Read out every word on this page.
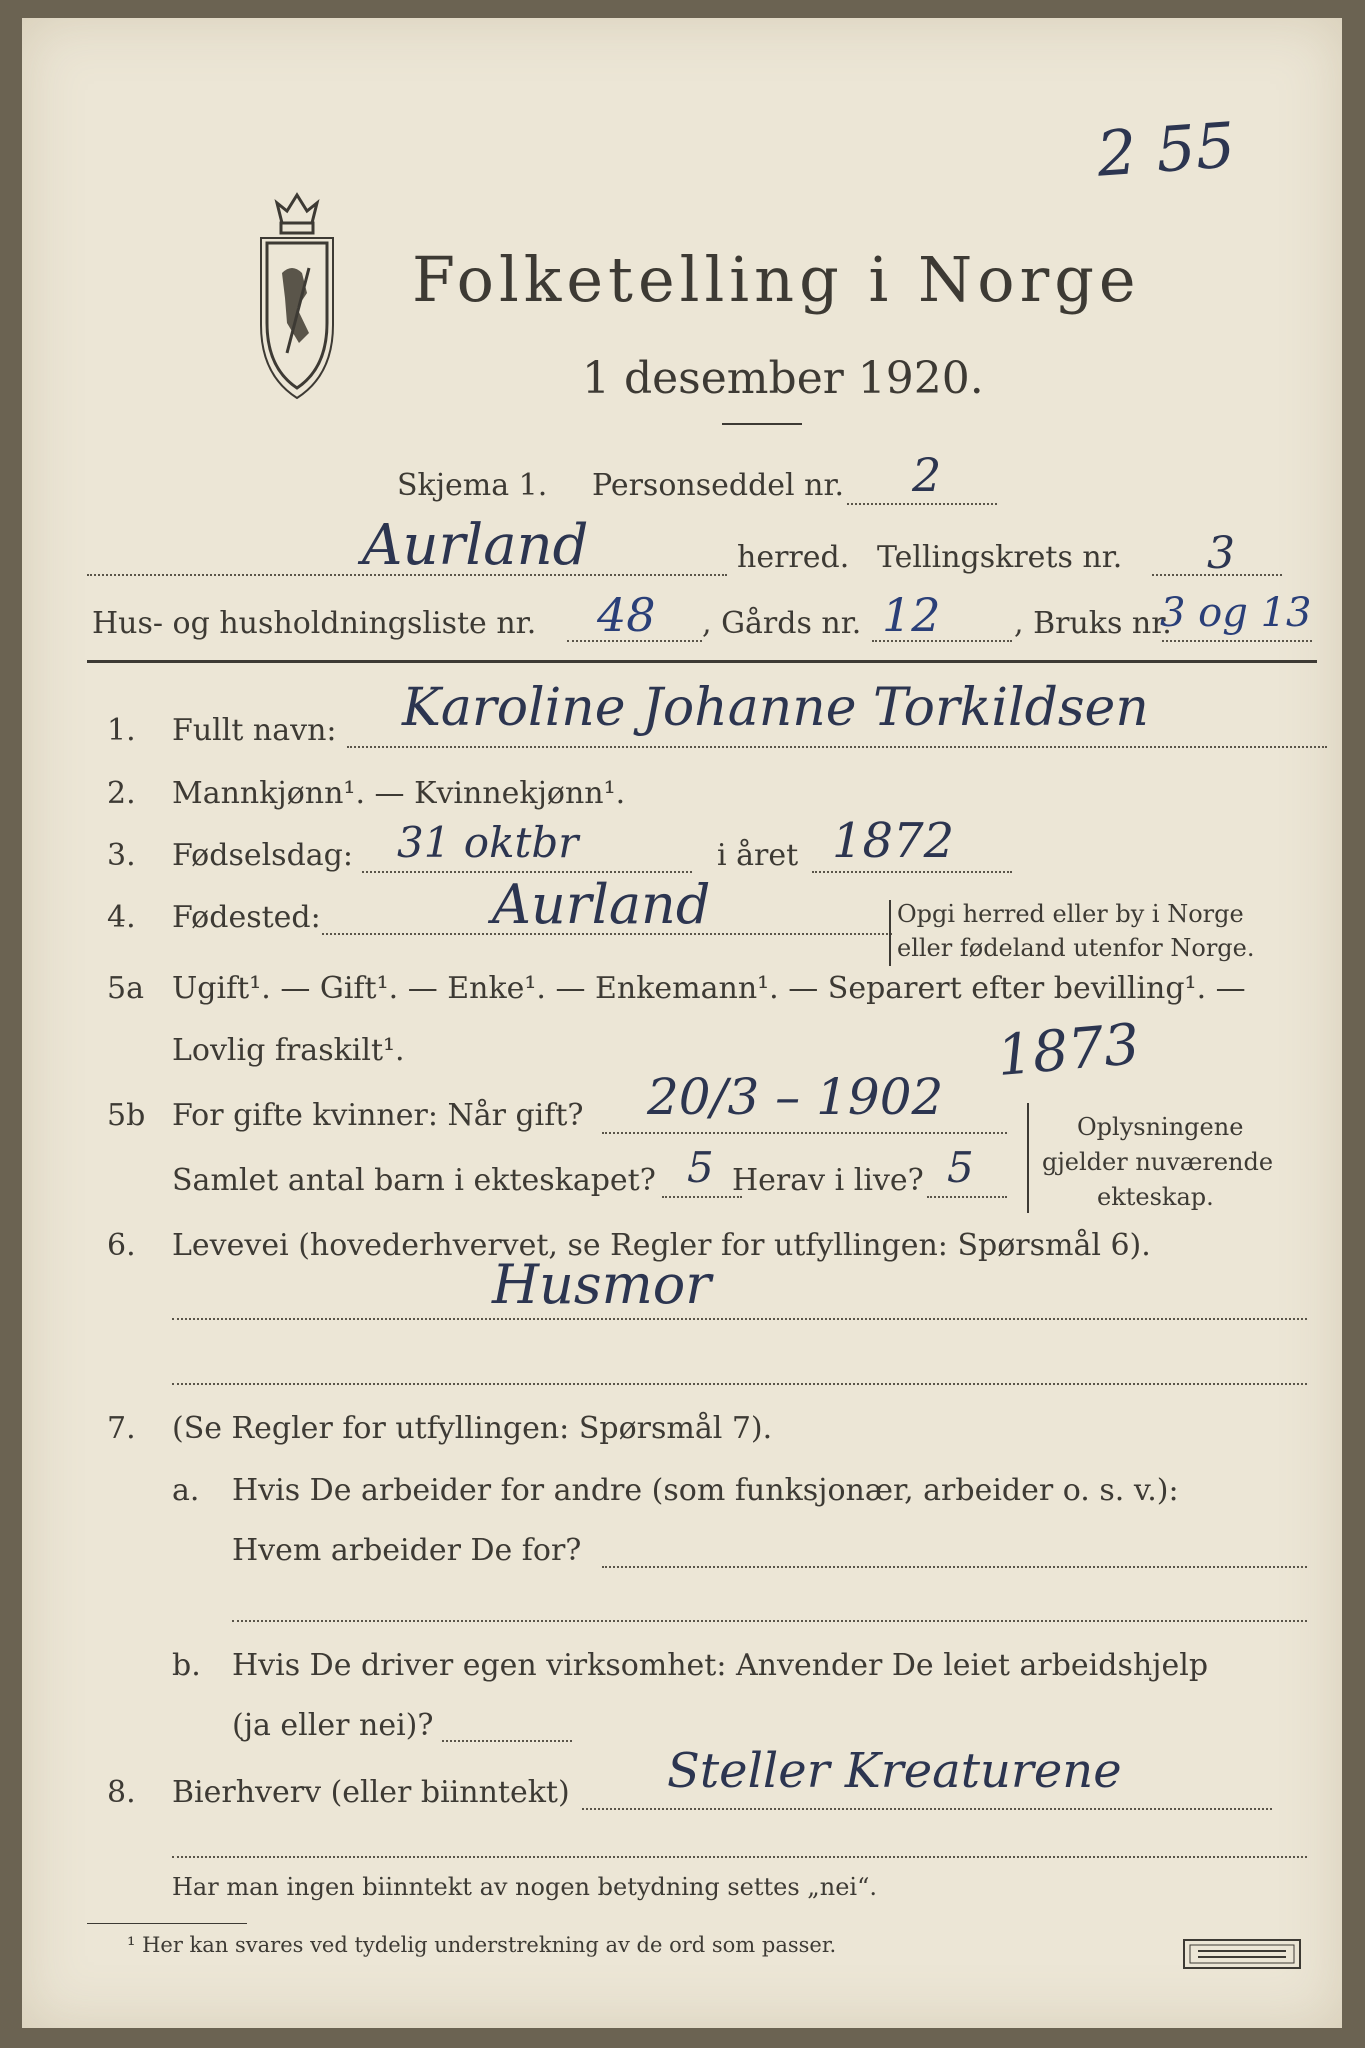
2 55
Folketelling i Norge
1 desember 1920.
Skjema 1. Personseddel nr. 2
Aurland	herred. Tellingskrets nr. 3
Hus- og husholdningsliste nr. 48 , Gårds nr. 12 , Bruks nr.
3 og 13
1. Fullt navn: Karoline Johanne Torkildsen
2. Mannkjønn¹. — Kvinnekjønn¹.
3. Fødselsdag: 31 oktbr	i året 1872
4. Fødested:	Aurland	Opgi herred eller by i Norge
eller fødeland utenfor Norge.
5a Ugift¹. — Gift¹. — Enke¹. — Enkemann¹. — Separert efter bevilling¹. —
Lovlig fraskilt¹.	1873
5b For gifte kvinner: Når gift? 20/3 – 1902
Samlet antal barn i ekteskapet? 5 Herav i live? 5
Oplysningene
gjelder nuværende
ekteskap.
6. Levevei (hovederhvervet, se Regler for utfyllingen: Spørsmål 6).
Husmor
7. (Se Regler for utfyllingen: Spørsmål 7).
a. Hvis De arbeider for andre (som funksjonær, arbeider o. s. v.):
Hvem arbeider De for?
b. Hvis De driver egen virksomhet: Anvender De leiet arbeidshjelp
(ja eller nei)?
8. Bierhverv (eller biinntekt) Steller Kreaturene
Har man ingen biinntekt av nogen betydning settes „nei“.
¹ Her kan svares ved tydelig understrekning av de ord som passer.
